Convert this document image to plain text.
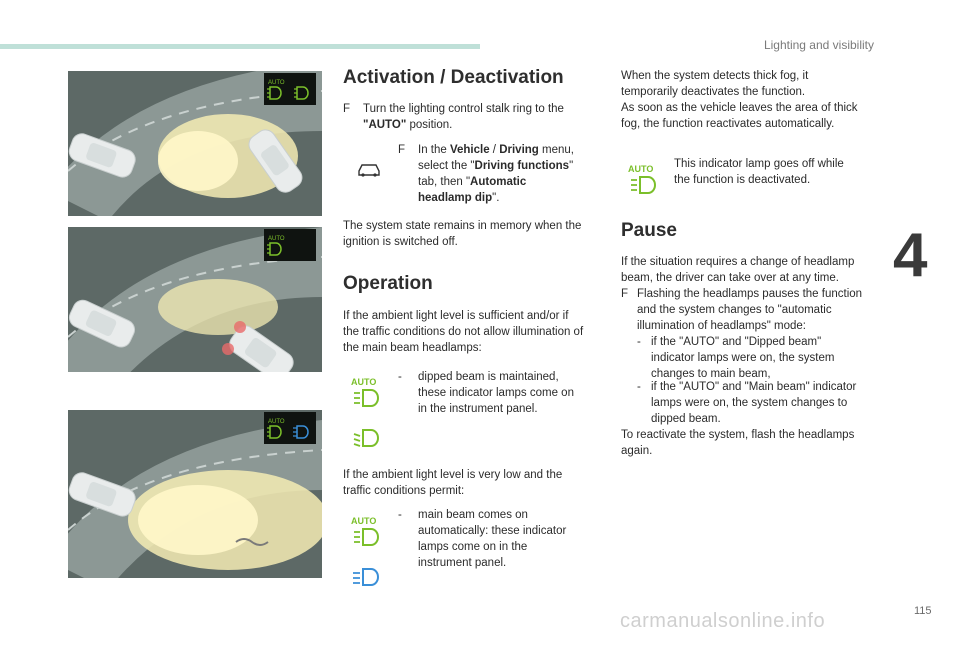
Lighting and visibility
4
115
carmanualsonline.info
AUTO
AUTO
AUTO
Activation / Deactivation
F	Turn the lighting control stalk ring to the
"AUTO" position.
F	In the Vehicle / Driving menu,
select the "Driving functions"
tab, then "Automatic
headlamp dip".
The system state remains in memory when the
ignition is switched off.
Operation
If the ambient light level is sufficient and/or if
the traffic conditions do not allow illumination of
the main beam headlamps:
AUTO -	dipped beam is maintained,
these indicator lamps come on
in the instrument panel.
If the ambient light level is very low and the
traffic conditions permit:
AUTO -	main beam comes on
automatically: these indicator
lamps come on in the
instrument panel.
When the system detects thick fog, it
temporarily deactivates the function.
As soon as the vehicle leaves the area of thick
fog, the function reactivates automatically.
AUTO This indicator lamp goes off while
the function is deactivated.
Pause
If the situation requires a change of headlamp
beam, the driver can take over at any time.
F Flashing the headlamps pauses the function
and the system changes to "automatic
illumination of headlamps" mode:
- if the "AUTO" and "Dipped beam"
indicator lamps were on, the system
changes to main beam,
- if the "AUTO" and "Main beam" indicator
lamps were on, the system changes to
dipped beam.
To reactivate the system, flash the headlamps
again.
